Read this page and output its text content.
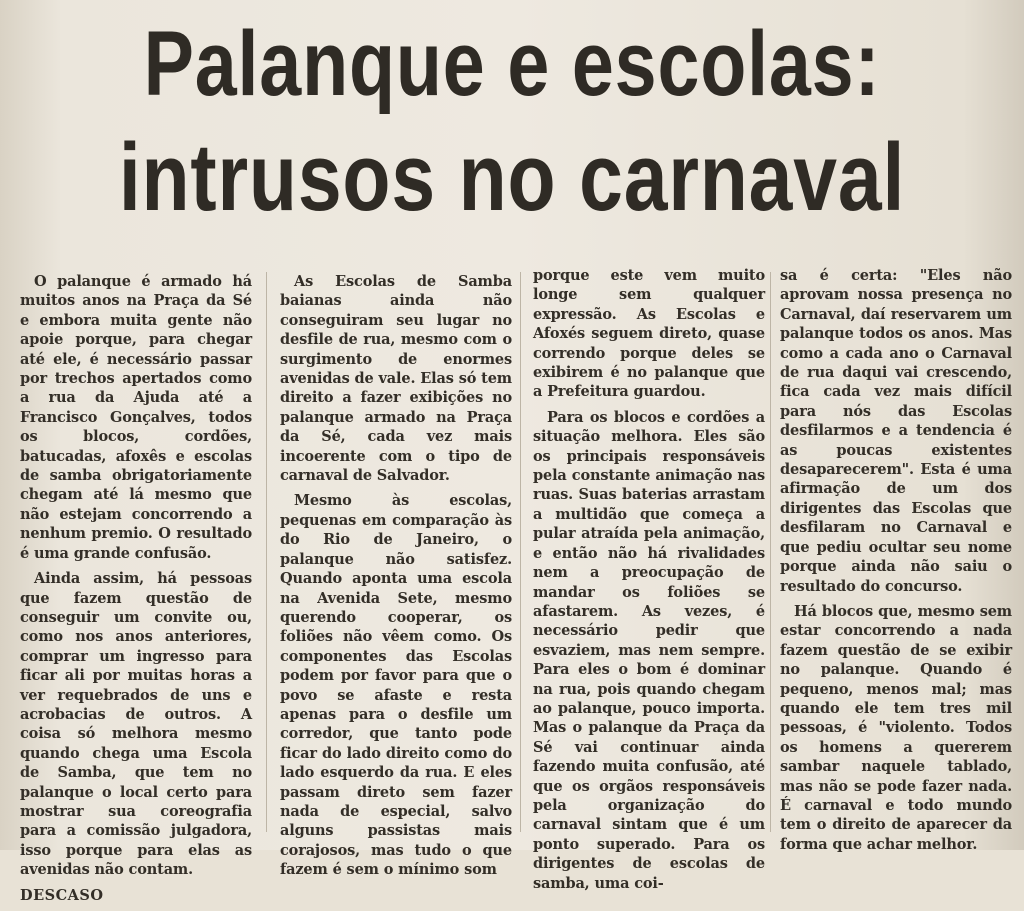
Palanque e escolas:
intrusos no carnaval

O palanque é armado há muitos anos na Praça da Sé e embora muita gente não apoie porque, para chegar até ele, é necessário passar por trechos apertados como a rua da Ajuda até a Francisco Gonçalves, todos os blocos, cordões, batucadas, afoxês e escolas de samba obrigatoriamente chegam até lá mesmo que não estejam concorrendo a nenhum premio. O resultado é uma grande confusão.

Ainda assim, há pessoas que fazem questão de conseguir um convite ou, como nos anos anteriores, comprar um ingresso para ficar ali por muitas horas a ver requebrados de uns e acrobacias de outros. A coisa só melhora mesmo quando chega uma Escola de Samba, que tem no palanque o local certo para mostrar sua coreografia para a comissão julgadora, isso porque para elas as avenidas não contam.

DESCASO

As Escolas de Samba baianas ainda não conseguiram seu lugar no desfile de rua, mesmo com o surgimento de enormes avenidas de vale. Elas só tem direito a fazer exibições no palanque armado na Praça da Sé, cada vez mais incoerente com o tipo de carnaval de Salvador.

Mesmo às escolas, pequenas em comparação às do Rio de Janeiro, o palanque não satisfez. Quando aponta uma escola na Avenida Sete, mesmo querendo cooperar, os foliões não vêem como. Os componentes das Escolas podem por favor para que o povo se afaste e resta apenas para o desfile um corredor, que tanto pode ficar do lado direito como do lado esquerdo da rua. E eles passam direto sem fazer nada de especial, salvo alguns passistas mais corajosos, mas tudo o que fazem é sem o mínimo som

porque este vem muito longe sem qualquer expressão. As Escolas e Afoxés seguem direto, quase correndo porque deles se exibirem é no palanque que a Prefeitura guardou.

Para os blocos e cordões a situação melhora. Eles são os principais responsáveis pela constante animação nas ruas. Suas baterias arrastam a multidão que começa a pular atraída pela animação, e então não há rivalidades nem a preocupação de mandar os foliões se afastarem. As vezes, é necessário pedir que esvaziem, mas nem sempre. Para eles o bom é dominar na rua, pois quando chegam ao palanque, pouco importa. Mas o palanque da Praça da Sé vai continuar ainda fazendo muita confusão, até que os orgãos responsáveis pela organização do carnaval sintam que é um ponto superado. Para os dirigentes de escolas de samba, uma coi-

sa é certa: "Eles não aprovam nossa presença no Carnaval, daí reservarem um palanque todos os anos. Mas como a cada ano o Carnaval de rua daqui vai crescendo, fica cada vez mais difícil para nós das Escolas desfilarmos e a tendencia é as poucas existentes desaparecerem". Esta é uma afirmação de um dos dirigentes das Escolas que desfilaram no Carnaval e que pediu ocultar seu nome porque ainda não saiu o resultado do concurso.

Há blocos que, mesmo sem estar concorrendo a nada fazem questão de se exibir no palanque. Quando é pequeno, menos mal; mas quando ele tem tres mil pessoas, é "violento. Todos os homens a quererem sambar naquele tablado, mas não se pode fazer nada. É carnaval e todo mundo tem o direito de aparecer da forma que achar melhor.
